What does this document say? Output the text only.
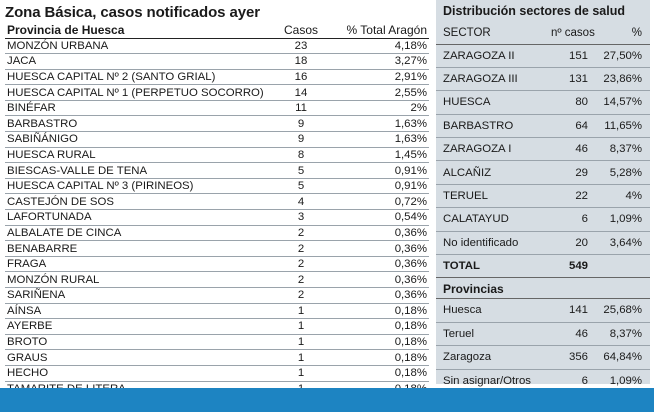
Zona Básica, casos notificados ayer
Provincia de Huesca	Casos	% Total Aragón
MONZÓN URBANA	23	4,18%
JACA	18	3,27%
HUESCA CAPITAL Nº 2 (SANTO GRIAL)	16	2,91%
HUESCA CAPITAL Nº 1 (PERPETUO SOCORRO)	14	2,55%
BINÉFAR	11	2%
BARBASTRO	9	1,63%
SABIÑÁNIGO	9	1,63%
HUESCA RURAL	8	1,45%
BIESCAS-VALLE DE TENA	5	0,91%
HUESCA CAPITAL Nº 3 (PIRINEOS)	5	0,91%
CASTEJÓN DE SOS	4	0,72%
LAFORTUNADA	3	0,54%
ALBALATE DE CINCA	2	0,36%
BENABARRE	2	0,36%
FRAGA	2	0,36%
MONZÓN RURAL	2	0,36%
SARIÑENA	2	0,36%
AÍNSA	1	0,18%
AYERBE	1	0,18%
BROTO	1	0,18%
GRAUS	1	0,18%
HECHO	1	0,18%

Distribución sectores de salud
SECTOR	nº casos	%
ZARAGOZA II	151	27,50%
ZARAGOZA III	131	23,86%
HUESCA	80	14,57%
BARBASTRO	64	11,65%
ZARAGOZA I	46	8,37%
ALCAÑIZ	29	5,28%
TERUEL	22	4%
CALATAYUD	6	1,09%
No identificado	20	3,64%
TOTAL	549	
Provincias
Huesca	141	25,68%
Teruel	46	8,37%
Zaragoza	356	64,84%
Sin asignar/Otros	6	1,09%
